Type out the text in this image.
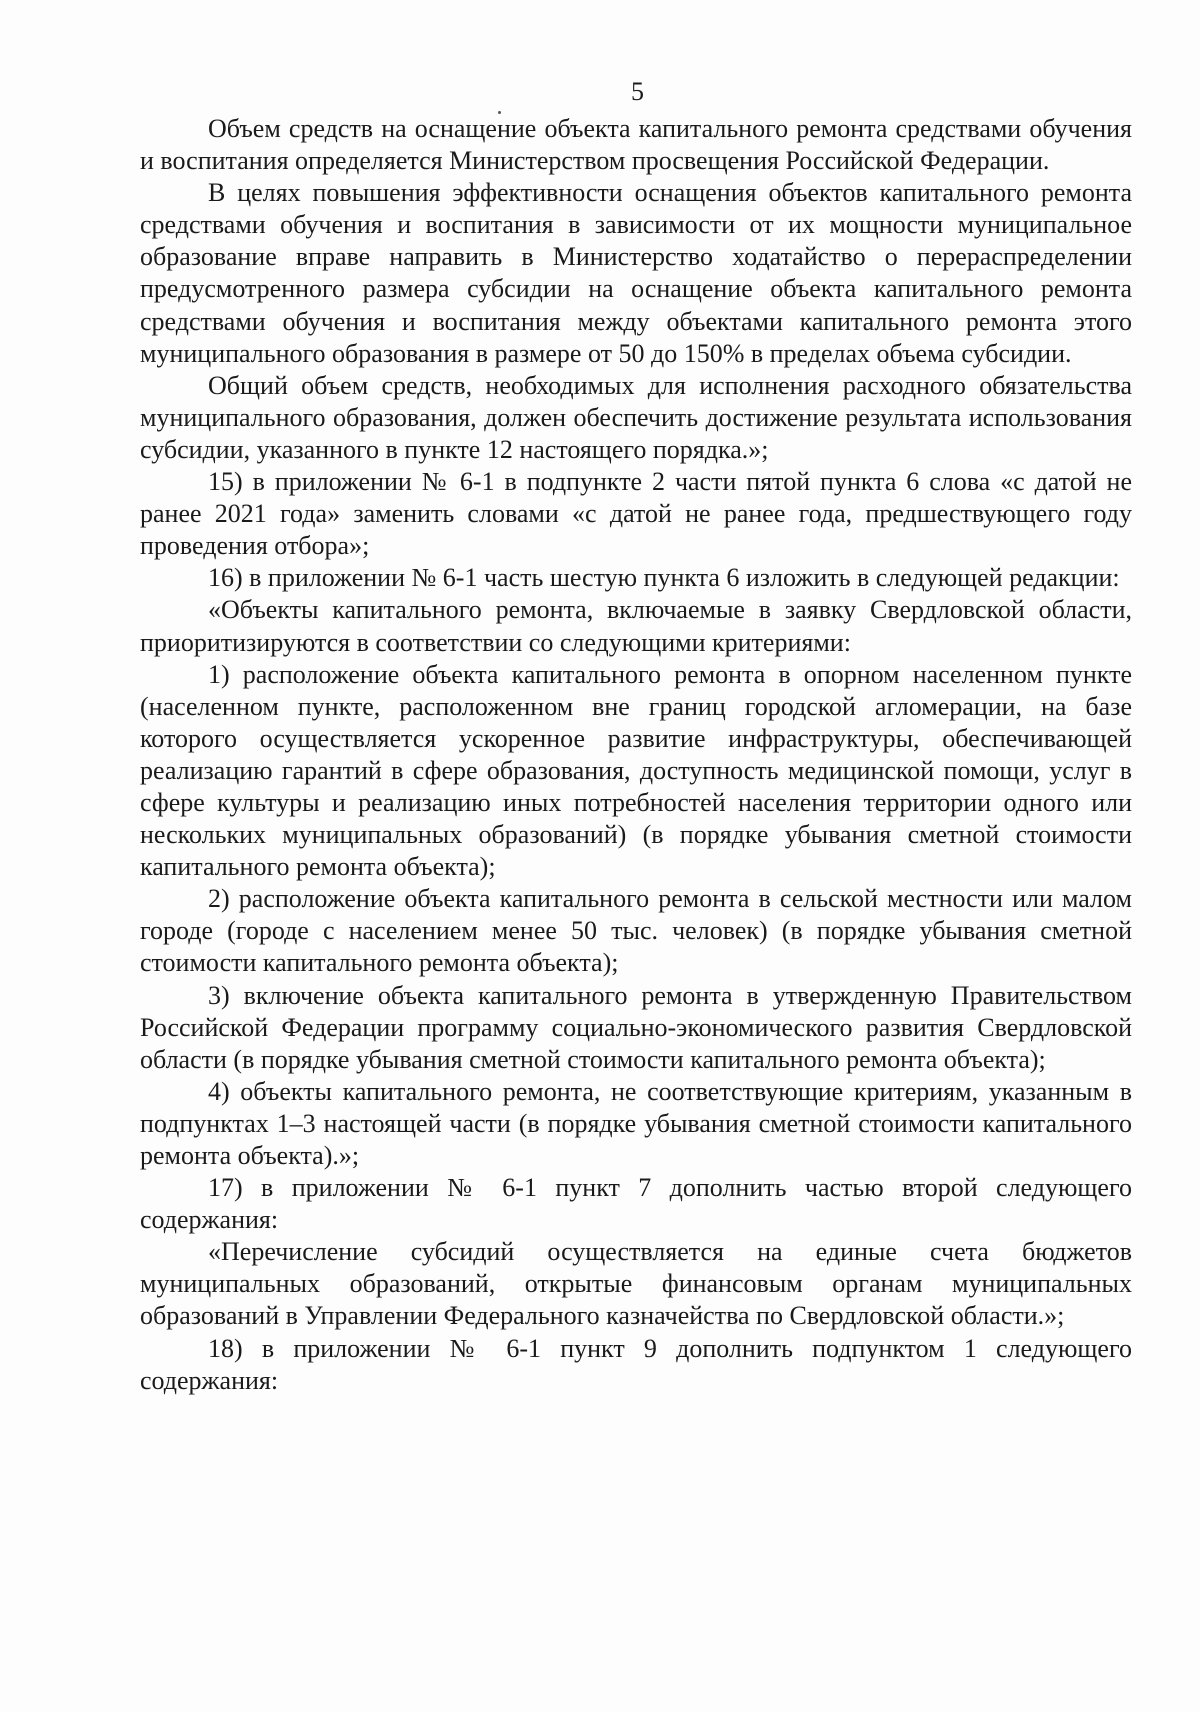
5

Объем средств на оснащение объекта капитального ремонта средствами обучения и воспитания определяется Министерством просвещения Российской Федерации.

В целях повышения эффективности оснащения объектов капитального ремонта средствами обучения и воспитания в зависимости от их мощности муниципальное образование вправе направить в Министерство ходатайство о перераспределении предусмотренного размера субсидии на оснащение объекта капитального ремонта средствами обучения и воспитания между объектами капитального ремонта этого муниципального образования в размере от 50 до 150% в пределах объема субсидии.

Общий объем средств, необходимых для исполнения расходного обязательства муниципального образования, должен обеспечить достижение результата использования субсидии, указанного в пункте 12 настоящего порядка.»;

15) в приложении № 6-1 в подпункте 2 части пятой пункта 6 слова «с датой не ранее 2021 года» заменить словами «с датой не ранее года, предшествующего году проведения отбора»;

16) в приложении № 6-1 часть шестую пункта 6 изложить в следующей редакции:

«Объекты капитального ремонта, включаемые в заявку Свердловской области, приоритизируются в соответствии со следующими критериями:

1) расположение объекта капитального ремонта в опорном населенном пункте (населенном пункте, расположенном вне границ городской агломерации, на базе которого осуществляется ускоренное развитие инфраструктуры, обеспечивающей реализацию гарантий в сфере образования, доступность медицинской помощи, услуг в сфере культуры и реализацию иных потребностей населения территории одного или нескольких муниципальных образований) (в порядке убывания сметной стоимости капитального ремонта объекта);

2) расположение объекта капитального ремонта в сельской местности или малом городе (городе с населением менее 50 тыс. человек) (в порядке убывания сметной стоимости капитального ремонта объекта);

3) включение объекта капитального ремонта в утвержденную Правительством Российской Федерации программу социально-экономического развития Свердловской области (в порядке убывания сметной стоимости капитального ремонта объекта);

4) объекты капитального ремонта, не соответствующие критериям, указанным в подпунктах 1–3 настоящей части (в порядке убывания сметной стоимости капитального ремонта объекта).»;

17) в приложении № 6-1 пункт 7 дополнить частью второй следующего содержания:

«Перечисление субсидий осуществляется на единые счета бюджетов муниципальных образований, открытые финансовым органам муниципальных образований в Управлении Федерального казначейства по Свердловской области.»;

18) в приложении № 6-1 пункт 9 дополнить подпунктом 1 следующего содержания:
